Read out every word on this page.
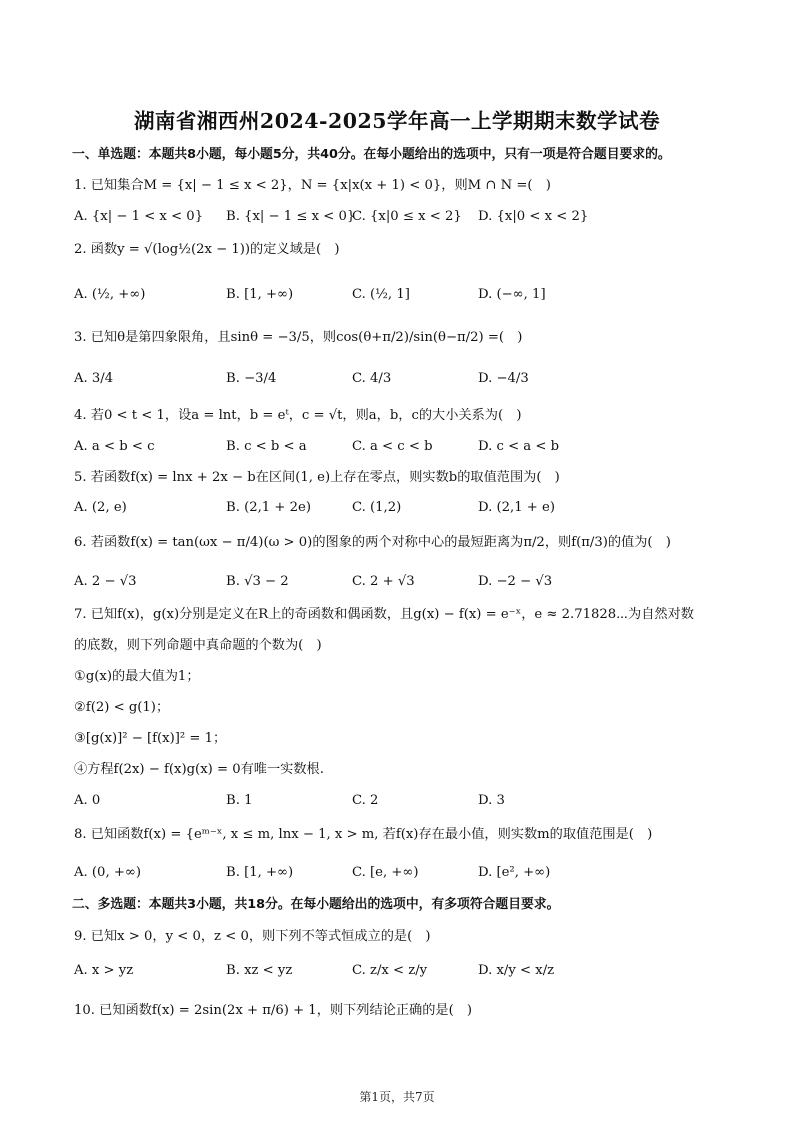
湖南省湘西州2024-2025学年高一上学期期末数学试卷
一、单选题：本题共8小题，每小题5分，共40分。在每小题给出的选项中，只有一项是符合题目要求的。
1. 已知集合M = {x| − 1 ≤ x < 2}，N = {x|x(x + 1) < 0}，则M ∩ N =(　)
A. {x| − 1 < x < 0} B. {x| − 1 ≤ x < 0}
C. {x|0 ≤ x < 2} D. {x|0 < x < 2}
2. 函数y = √(log½(2x − 1))的定义域是(　)
A. (½, +∞)	B. [1, +∞)	C. (½, 1]	D. (−∞, 1]
3. 已知θ是第四象限角，且sinθ = −3/5，则cos(θ+π/2)/sin(θ−π/2) =(　)
A. 3/4	B. −3/4	C. 4/3	D. −4/3
4. 若0 < t < 1，设a = lnt，b = eᵗ，c = √t，则a，b，c的大小关系为(　)
A. a < b < c	B. c < b < a	C. a < c < b	D. c < a < b
5. 若函数f(x) = lnx + 2x − b在区间(1, e)上存在零点，则实数b的取值范围为(　)
A. (2, e)	B. (2,1 + 2e)	C. (1,2)	D. (2,1 + e)
6. 若函数f(x) = tan(ωx − π/4)(ω > 0)的图象的两个对称中心的最短距离为π/2，则f(π/3)的值为(　)
A. 2 − √3	B. √3 − 2	C. 2 + √3	D. −2 − √3
7. 已知f(x)，g(x)分别是定义在R上的奇函数和偶函数，且g(x) − f(x) = e⁻ˣ，e ≈ 2.71828⋯为自然对数
的底数，则下列命题中真命题的个数为(　)
①g(x)的最大值为1；
②f(2) < g(1)；
③[g(x)]² − [f(x)]² = 1；
④方程f(2x) − f(x)g(x) = 0有唯一实数根.
A. 0	B. 1	C. 2	D. 3
8. 已知函数f(x) = {eᵐ⁻ˣ, x ≤ m, lnx − 1, x > m, 若f(x)存在最小值，则实数m的取值范围是(　)
A. (0, +∞)	B. [1, +∞)	C. [e, +∞)	D. [e², +∞)
二、多选题：本题共3小题，共18分。在每小题给出的选项中，有多项符合题目要求。
9. 已知x > 0，y < 0，z < 0，则下列不等式恒成立的是(　)
A. x > yz	B. xz < yz	C. z/x < z/y	D. x/y < x/z
10. 已知函数f(x) = 2sin(2x + π/6) + 1，则下列结论正确的是(　)
第1页，共7页
